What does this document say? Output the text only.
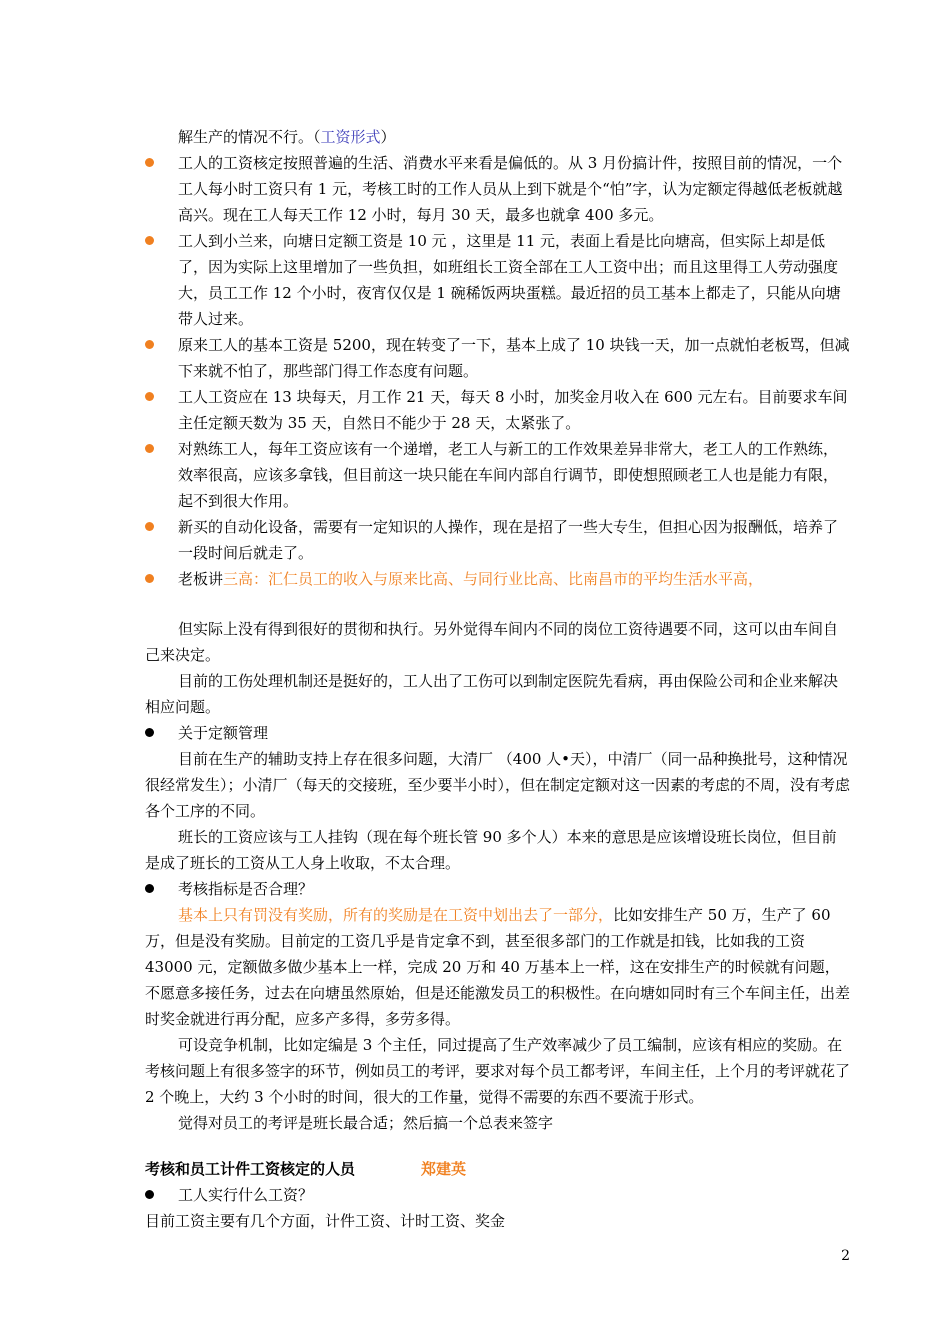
解生产的情况不行。（工资形式）
工人的工资核定按照普遍的生活、消费水平来看是偏低的。从 3 月份搞计件，按照目前的情况，一个工人每小时工资只有 1 元，考核工时的工作人员从上到下就是个“怕”字，认为定额定得越低老板就越高兴。现在工人每天工作 12 小时，每月 30 天，最多也就拿 400 多元。
工人到小兰来，向塘日定额工资是 10 元 ，这里是 11 元，表面上看是比向塘高，但实际上却是低了，因为实际上这里增加了一些负担，如班组长工资全部在工人工资中出；而且这里得工人劳动强度大，员工工作 12 个小时，夜宵仅仅是 1 碗稀饭两块蛋糕。最近招的员工基本上都走了，只能从向塘带人过来。
原来工人的基本工资是 5200，现在转变了一下，基本上成了 10 块钱一天，加一点就怕老板骂，但减下来就不怕了，那些部门得工作态度有问题。
工人工资应在 13 块每天，月工作 21 天，每天 8 小时，加奖金月收入在 600 元左右。目前要求车间主任定额天数为 35 天，自然日不能少于 28 天，太紧张了。
对熟练工人，每年工资应该有一个递增，老工人与新工的工作效果差异非常大，老工人的工作熟练，效率很高，应该多拿钱，但目前这一块只能在车间内部自行调节，即使想照顾老工人也是能力有限，起不到很大作用。
新买的自动化设备，需要有一定知识的人操作，现在是招了一些大专生，但担心因为报酬低，培养了一段时间后就走了。
老板讲三高：汇仁员工的收入与原来比高、与同行业比高、比南昌市的平均生活水平高，
但实际上没有得到很好的贯彻和执行。另外觉得车间内不同的岗位工资待遇要不同，这可以由车间自己来决定。
目前的工伤处理机制还是挺好的，工人出了工伤可以到制定医院先看病，再由保险公司和企业来解决相应问题。
关于定额管理
目前在生产的辅助支持上存在很多问题，大清厂 （400 人•天），中清厂（同一品种换批号，这种情况很经常发生）；小清厂（每天的交接班，至少要半小时），但在制定定额对这一因素的考虑的不周，没有考虑各个工序的不同。
班长的工资应该与工人挂钩（现在每个班长管 90 多个人）本来的意思是应该增设班长岗位，但目前是成了班长的工资从工人身上收取，不太合理。
考核指标是否合理？
基本上只有罚没有奖励，所有的奖励是在工资中划出去了一部分，比如安排生产 50 万，生产了 60 万，但是没有奖励。目前定的工资几乎是肯定拿不到，甚至很多部门的工作就是扣钱，比如我的工资 43000 元，定额做多做少基本上一样，完成 20 万和 40 万基本上一样，这在安排生产的时候就有问题，不愿意多接任务，过去在向塘虽然原始，但是还能激发员工的积极性。在向塘如同时有三个车间主任，出差时奖金就进行再分配，应多产多得，多劳多得。
可设竞争机制，比如定编是 3 个主任，同过提高了生产效率减少了员工编制，应该有相应的奖励。在考核问题上有很多签字的环节，例如员工的考评，要求对每个员工都考评，车间主任，上个月的考评就花了 2 个晚上，大约 3 个小时的时间，很大的工作量，觉得不需要的东西不要流于形式。
觉得对员工的考评是班长最合适；然后搞一个总表来签字
考核和员工计件工资核定的人员	郑建英
工人实行什么工资？
目前工资主要有几个方面，计件工资、计时工资、奖金
2
